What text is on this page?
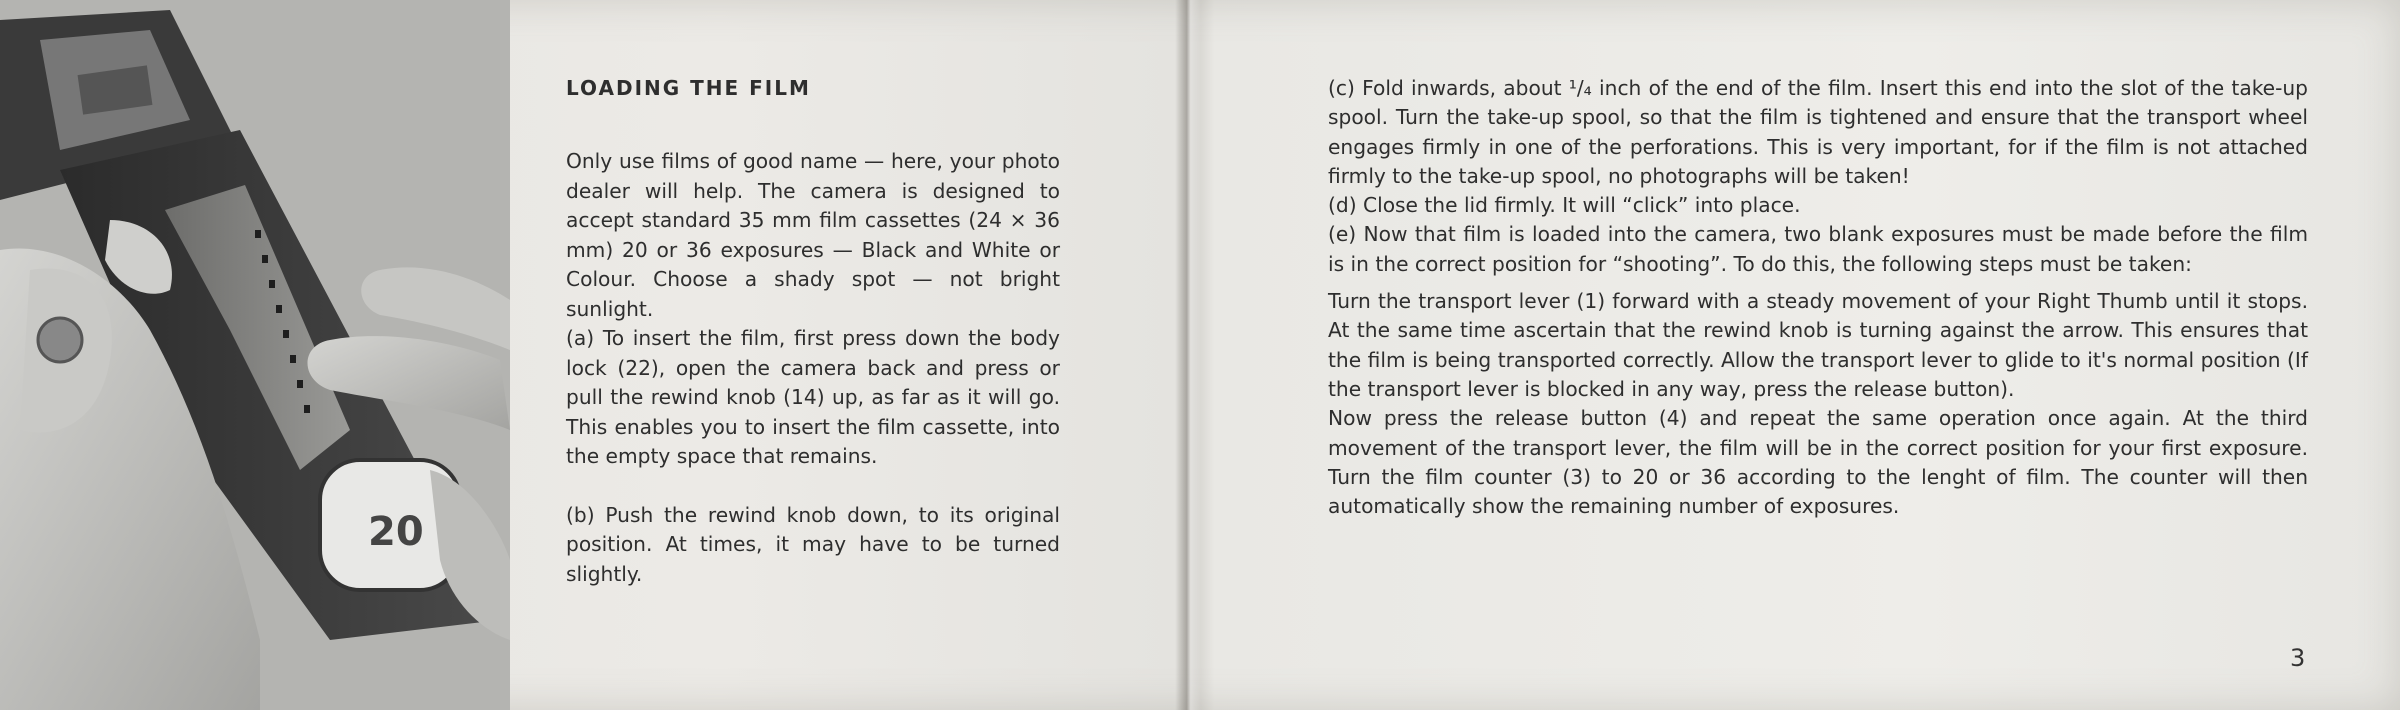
20
LOADING THE FILM

Only use films of good name — here, your photo dealer will help. The camera is designed to accept standard 35 mm film cassettes (24 × 36 mm) 20 or 36 exposures — Black and White or Colour. Choose a shady spot — not bright sunlight.

(a) To insert the film, first press down the body lock (22), open the camera back and press or pull the rewind knob (14) up, as far as it will go. This enables you to insert the film cassette, into the empty space that remains.

(b) Push the rewind knob down, to its original position. At times, it may have to be turned slightly.

(c) Fold inwards, about ¹/₄ inch of the end of the film. Insert this end into the slot of the take-up spool. Turn the take-up spool, so that the film is tightened and ensure that the transport wheel engages firmly in one of the perforations. This is very important, for if the film is not attached firmly to the take-up spool, no photographs will be taken!

(d) Close the lid firmly. It will “click” into place.

(e) Now that film is loaded into the camera, two blank exposures must be made before the film is in the correct position for “shooting”. To do this, the following steps must be taken:

Turn the transport lever (1) forward with a steady movement of your Right Thumb until it stops. At the same time ascertain that the rewind knob is turning against the arrow. This ensures that the film is being transported correctly. Allow the transport lever to glide to it's normal position (If the transport lever is blocked in any way, press the release button).

Now press the release button (4) and repeat the same operation once again. At the third movement of the transport lever, the film will be in the correct position for your first exposure. Turn the film counter (3) to 20 or 36 according to the lenght of film. The counter will then automatically show the remaining number of exposures.

3
